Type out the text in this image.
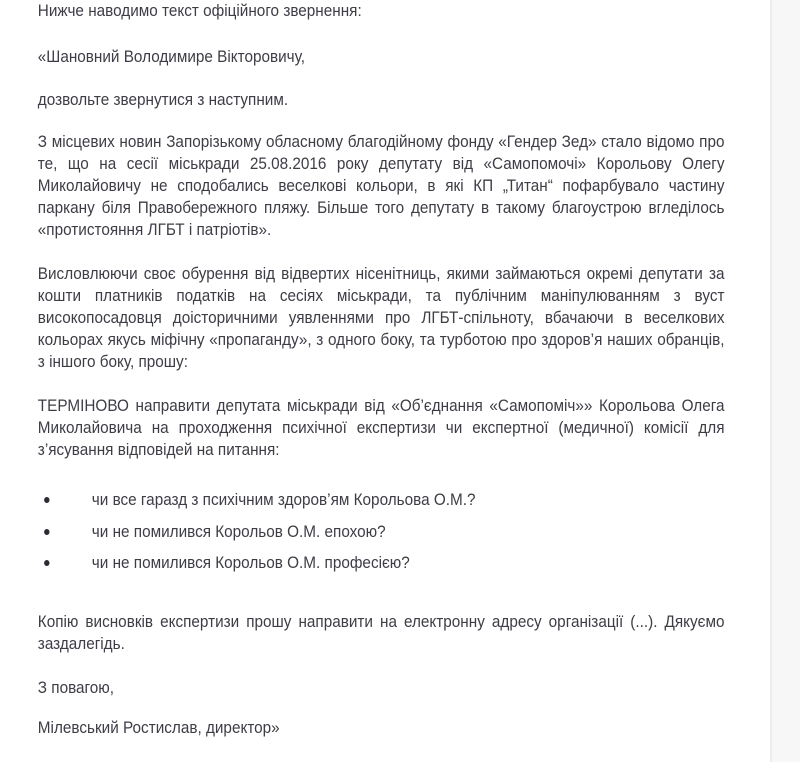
Нижче наводимо текст офіційного звернення:

«Шановний Володимире Вікторовичу,

дозвольте звернутися з наступним.

З місцевих новин Запорізькому обласному благодійному фонду «Гендер Зед» стало відомо про те, що на сесії міськради 25.08.2016 року депутату від «Самопомочі» Корольову Олегу Миколайовичу не сподобались веселкові кольори, в які КП „Титан“ пофарбувало частину паркану біля Правобережного пляжу. Більше того депутату в такому благоустрою вгледілось «протистояння ЛГБТ і патріотів».

Висловлюючи своє обурення від відвертих нісенітниць, якими займаються окремі депутати за кошти платників податків на сесіях міськради, та публічним маніпулюванням з вуст високопосадовця доісторичними уявленнями про ЛГБТ-спільноту, вбачаючи в веселкових кольорах якусь міфічну «пропаганду», з одного боку, та турботою про здоров’я наших обранців, з іншого боку, прошу:

ТЕРМІНОВО направити депутата міськради від «Об’єднання «Самопоміч»» Корольова Олега Миколайовича на проходження психічної експертизи чи експертної (медичної) комісії для з’ясування відповідей на питання:

чи все гаразд з психічним здоров’ям Корольова О.М.?
чи не помилився Корольов О.М. епохою?
чи не помилився Корольов О.М. професією?

Копію висновків експертизи прошу направити на електронну адресу організації (...). Дякуємо заздалегідь.

З повагою,

Мілевський Ростислав, директор»
